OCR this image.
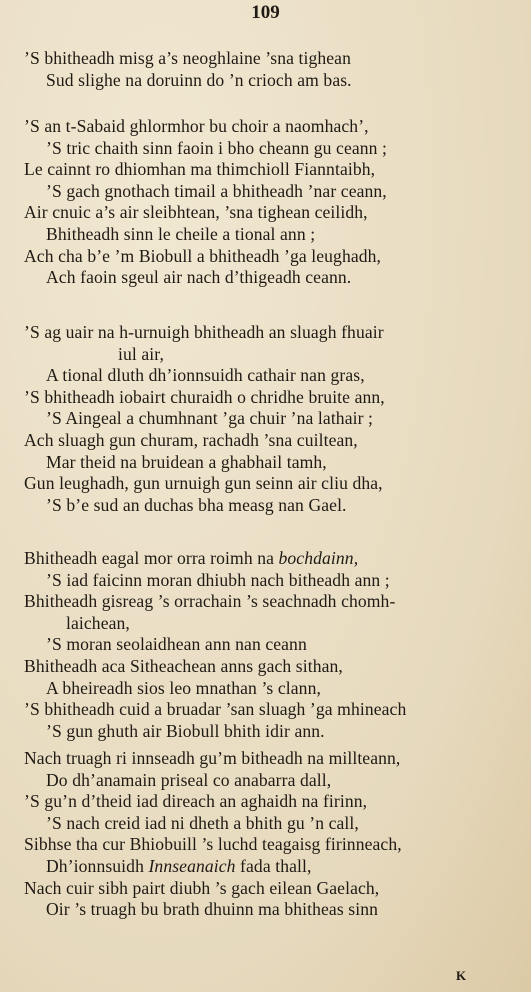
109
’S bhitheadh misg a’s neoghlaine ’sna tighean
Sud slighe na doruinn do ’n crioch am bas.
’S an t-Sabaid ghlormhor bu choir a naomhach’,
’S tric chaith sinn faoin i bho cheann gu ceann ;
Le cainnt ro dhiomhan ma thimchioll Fianntaibh,
’S gach gnothach timail a bhitheadh ’nar ceann,
Air cnuic a’s air sleibhtean, ’sna tighean ceilidh,
Bhitheadh sinn le cheile a tional ann ;
Ach cha b’e ’m Biobull a bhitheadh ’ga leughadh,
Ach faoin sgeul air nach d’thigeadh ceann.
’S ag uair na h-urnuigh bhitheadh an sluagh fhuair
iul air,
A tional dluth dh’ionnsuidh cathair nan gras,
’S bhitheadh iobairt churaidh o chridhe bruite ann,
’S Aingeal a chumhnant ’ga chuir ’na lathair ;
Ach sluagh gun churam, rachadh ’sna cuiltean,
Mar theid na bruidean a ghabhail tamh,
Gun leughadh, gun urnuigh gun seinn air cliu dha,
’S b’e sud an duchas bha measg nan Gael.
Bhitheadh eagal mor orra roimh na bochdainn,
’S iad faicinn moran dhiubh nach bitheadh ann ;
Bhitheadh gisreag ’s orrachain ’s seachnadh chomh-
laichean,
’S moran seolaidhean ann nan ceann
Bhitheadh aca Sitheachean anns gach sithan,
A bheireadh sios leo mnathan ’s clann,
’S bhitheadh cuid a bruadar ’san sluagh ’ga mhineach
’S gun ghuth air Biobull bhith idir ann.
Nach truagh ri innseadh gu’m bitheadh na millteann,
Do dh’anamain priseal co anabarra dall,
’S gu’n d’theid iad direach an aghaidh na firinn,
’S nach creid iad ni dheth a bhith gu ’n call,
Sibhse tha cur Bhiobuill ’s luchd teagaisg firinneach,
Dh’ionnsuidh Innseanaich fada thall,
Nach cuir sibh pairt diubh ’s gach eilean Gaelach,
Oir ’s truagh bu brath dhuinn ma bhitheas sinn
K
